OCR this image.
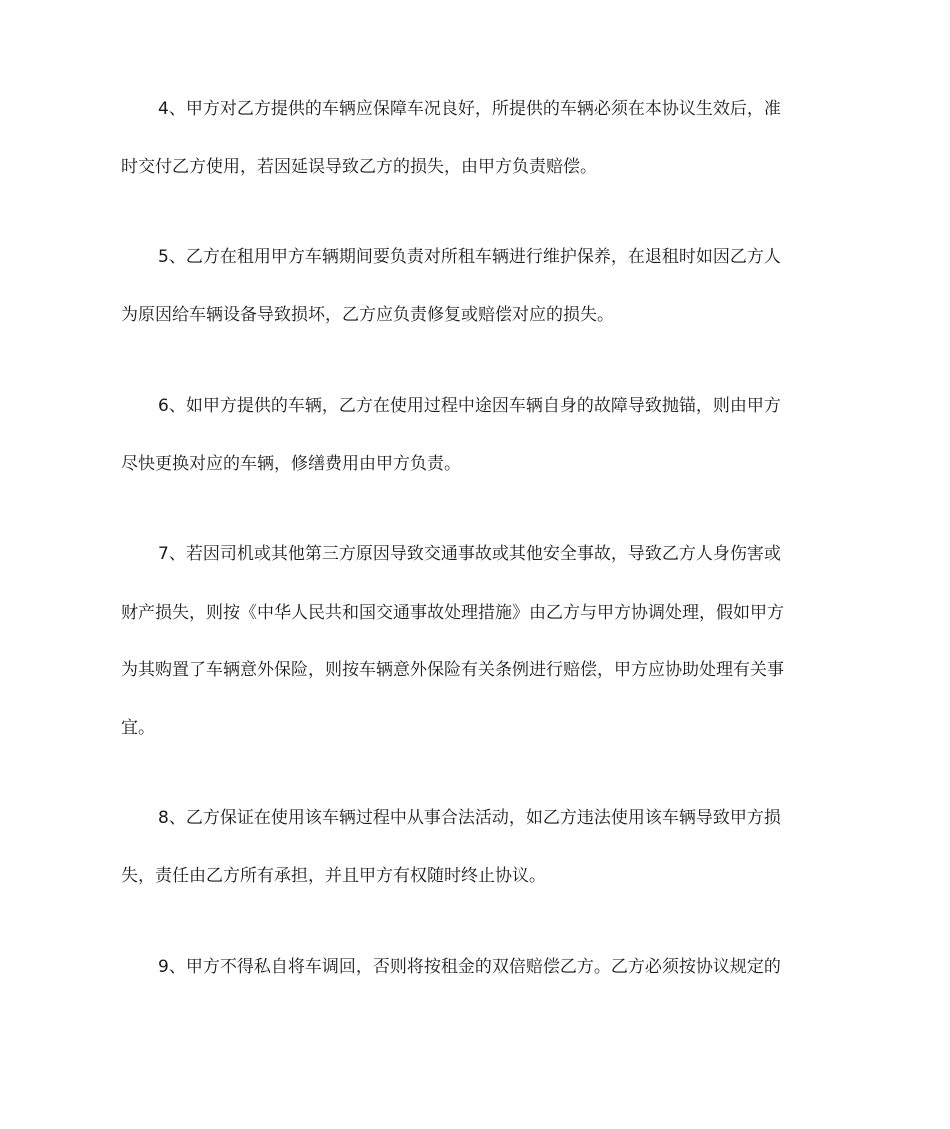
4、甲方对乙方提供的车辆应保障车况良好，所提供的车辆必须在本协议生效后，准
时交付乙方使用，若因延误导致乙方的损失，由甲方负责赔偿。
5、乙方在租用甲方车辆期间要负责对所租车辆进行维护保养，在退租时如因乙方人
为原因给车辆设备导致损坏，乙方应负责修复或赔偿对应的损失。
6、如甲方提供的车辆，乙方在使用过程中途因车辆自身的故障导致抛锚，则由甲方
尽快更换对应的车辆，修缮费用由甲方负责。
7、若因司机或其他第三方原因导致交通事故或其他安全事故，导致乙方人身伤害或
财产损失，则按《中华人民共和国交通事故处理措施》由乙方与甲方协调处理，假如甲方
为其购置了车辆意外保险，则按车辆意外保险有关条例进行赔偿，甲方应协助处理有关事
宜。
8、乙方保证在使用该车辆过程中从事合法活动，如乙方违法使用该车辆导致甲方损
失，责任由乙方所有承担，并且甲方有权随时终止协议。
9、甲方不得私自将车调回，否则将按租金的双倍赔偿乙方。乙方必须按协议规定的
